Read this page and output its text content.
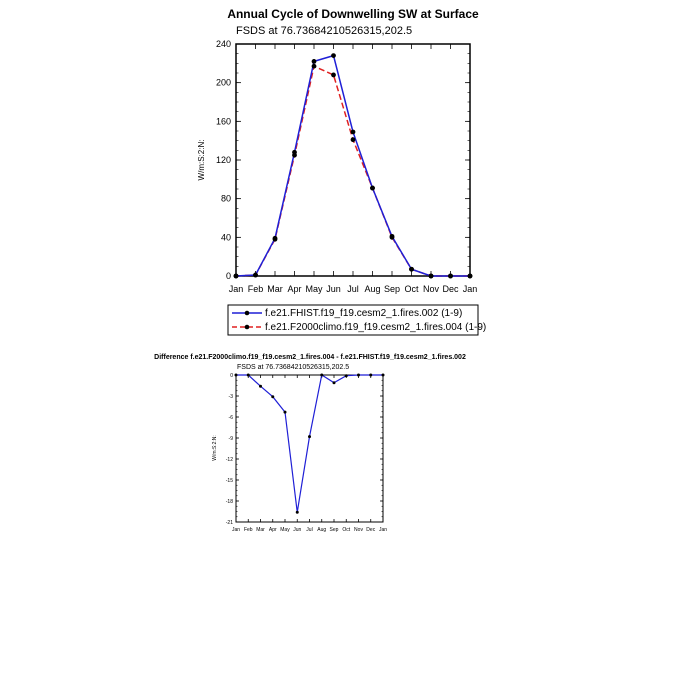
Annual Cycle of Downwelling SW at Surface
FSDS at 76.73684210526315,202.5
W/m:S:2:N:
Jan Feb Mar Apr May Jun Jul Aug Sep Oct Nov Dec Jan
0
40
80
120
160
200
240
f.e21.FHIST.f19_f19.cesm2_1.fires.002 (1-9)
f.e21.F2000climo.f19_f19.cesm2_1.fires.004 (1-9)
Difference f.e21.F2000climo.f19_f19.cesm2_1.fires.004 - f.e21.FHIST.f19_f19.cesm2_1.fires.002
FSDS at 76.73684210526315,202.5
W/m:S:2:N:
Jan Feb Mar Apr May Jun Jul Aug Sep Oct Nov Dec Jan
0
-3
-6
-9
-12
-15
-18
-21
